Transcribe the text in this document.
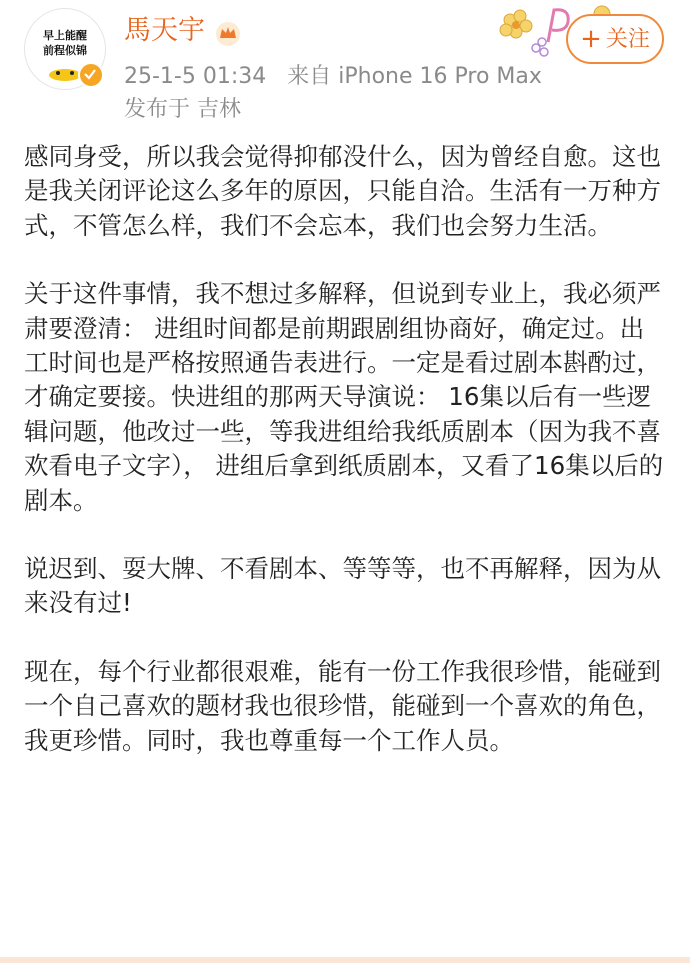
早上能醒
前程似锦
馬天宇
25-1-5 01:34 来自 iPhone 16 Pro Max
发布于 吉林
+ 关注

感同身受，所以我会觉得抑郁没什么，因为曾经自愈。这也是我关闭评论这么多年的原因，只能自洽。生活有一万种方式，不管怎么样，我们不会忘本，我们也会努力生活。

关于这件事情，我不想过多解释，但说到专业上，我必须严肃要澄清： 进组时间都是前期跟剧组协商好，确定过。出工时间也是严格按照通告表进行。一定是看过剧本斟酌过，才确定要接。快进组的那两天导演说： 16集以后有一些逻辑问题，他改过一些，等我进组给我纸质剧本（因为我不喜欢看电子文字）， 进组后拿到纸质剧本，又看了16集以后的剧本。

说迟到、耍大牌、不看剧本、等等等，也不再解释，因为从来没有过!

现在，每个行业都很艰难，能有一份工作我很珍惜，能碰到一个自己喜欢的题材我也很珍惜，能碰到一个喜欢的角色，我更珍惜。同时，我也尊重每一个工作人员。
